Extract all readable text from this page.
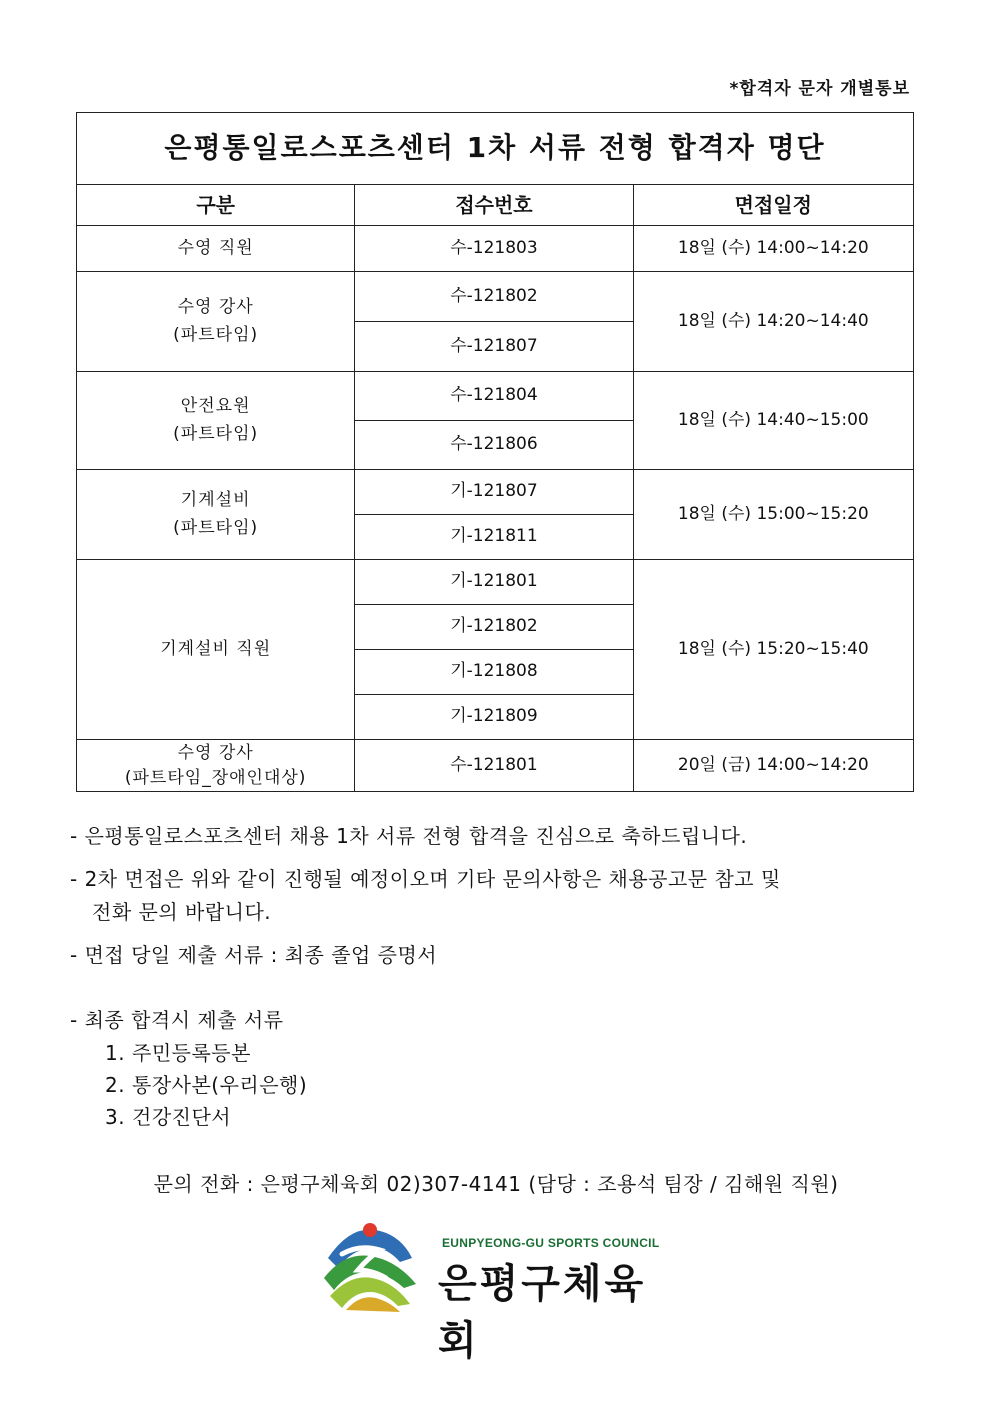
*합격자 문자 개별통보
은평통일로스포츠센터 1차 서류 전형 합격자 명단		
구분	접수번호	면접일정
수영 직원	수-121803	18일 (수) 14:00~14:20

수영 강사
(파트타임)	수-121802	18일 (수) 14:20~14:40
	수-121807	

안전요원
(파트타임)	수-121804	18일 (수) 14:40~15:00
	수-121806	

기계설비
(파트타임)	기-121807	18일 (수) 15:00~15:20
	기-121811	

기계설비 직원	기-121801	18일 (수) 15:20~15:40
	기-121802	
	기-121808	
	기-121809	

수영 강사
(파트타임_장애인대상)	수-121801	20일 (금) 14:00~14:20

- 은평통일로스포츠센터 채용 1차 서류 전형 합격을 진심으로 축하드립니다.

- 2차 면접은 위와 같이 진행될 예정이오며 기타 문의사항은 채용공고문 참고 및
전화 문의 바랍니다.

- 면접 당일 제출 서류 : 최종 졸업 증명서

- 최종 합격시 제출 서류

1. 주민등록등본
2. 통장사본(우리은행)
3. 건강진단서
문의 전화 : 은평구체육회 02)307-4141 (담당 : 조용석 팀장 / 김해원 직원)
EUNPYEONG-GU SPORTS COUNCIL
은평구체육회
